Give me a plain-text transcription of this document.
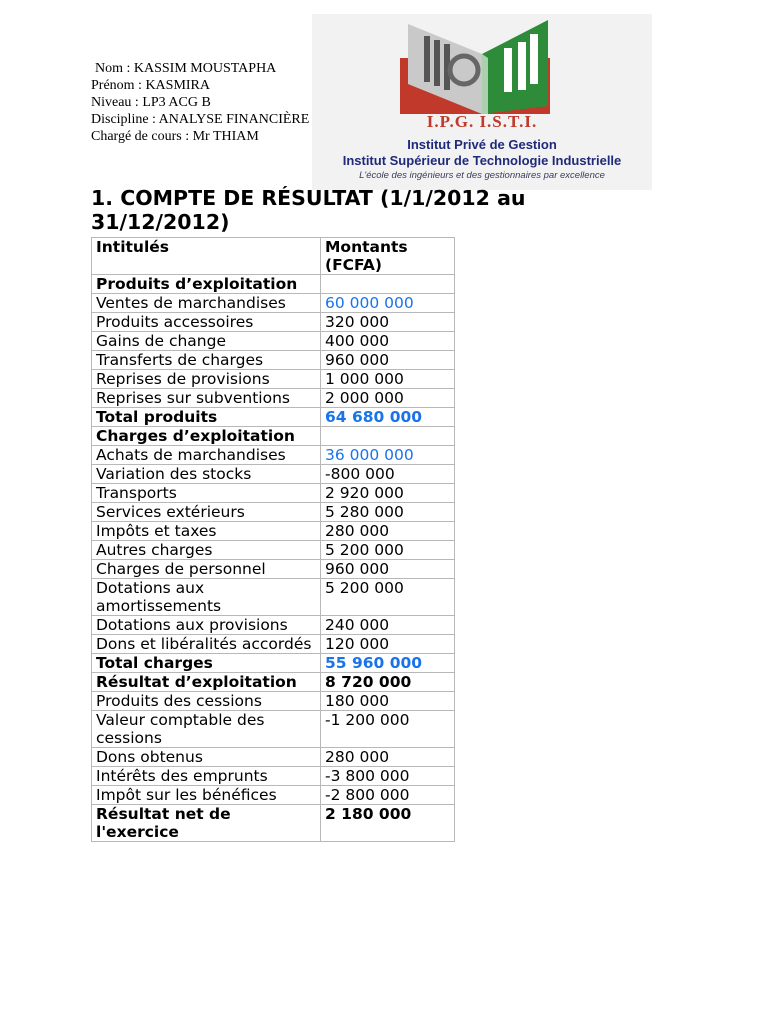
Nom : KASSIM MOUSTAPHA
Prénom : KASMIRA
Niveau : LP3 ACG B
Discipline : ANALYSE FINANCIÈRE
Chargé de cours : Mr THIAM
I.P.G. I.S.T.I.
Institut Privé de Gestion
Institut Supérieur de Technologie Industrielle
L'école des ingénieurs et des gestionnaires par excellence
1. COMPTE DE RÉSULTAT (1/1/2012 au 31/12/2012)
Intitulés	Montants (FCFA)
Produits d’exploitation	
Ventes de marchandises	60 000 000
Produits accessoires	320 000
Gains de change	400 000
Transferts de charges	960 000
Reprises de provisions	1 000 000
Reprises sur subventions	2 000 000
Total produits	64 680 000
Charges d’exploitation	
Achats de marchandises	36 000 000
Variation des stocks	-800 000
Transports	2 920 000
Services extérieurs	5 280 000
Impôts et taxes	280 000
Autres charges	5 200 000
Charges de personnel	960 000
Dotations aux amortissements	5 200 000
Dotations aux provisions	240 000
Dons et libéralités accordés	120 000
Total charges	55 960 000
Résultat d’exploitation	8 720 000
Produits des cessions	180 000
Valeur comptable des cessions	-1 200 000
Dons obtenus	280 000
Intérêts des emprunts	-3 800 000
Impôt sur les bénéfices	-2 800 000
Résultat net de l'exercice	2 180 000
